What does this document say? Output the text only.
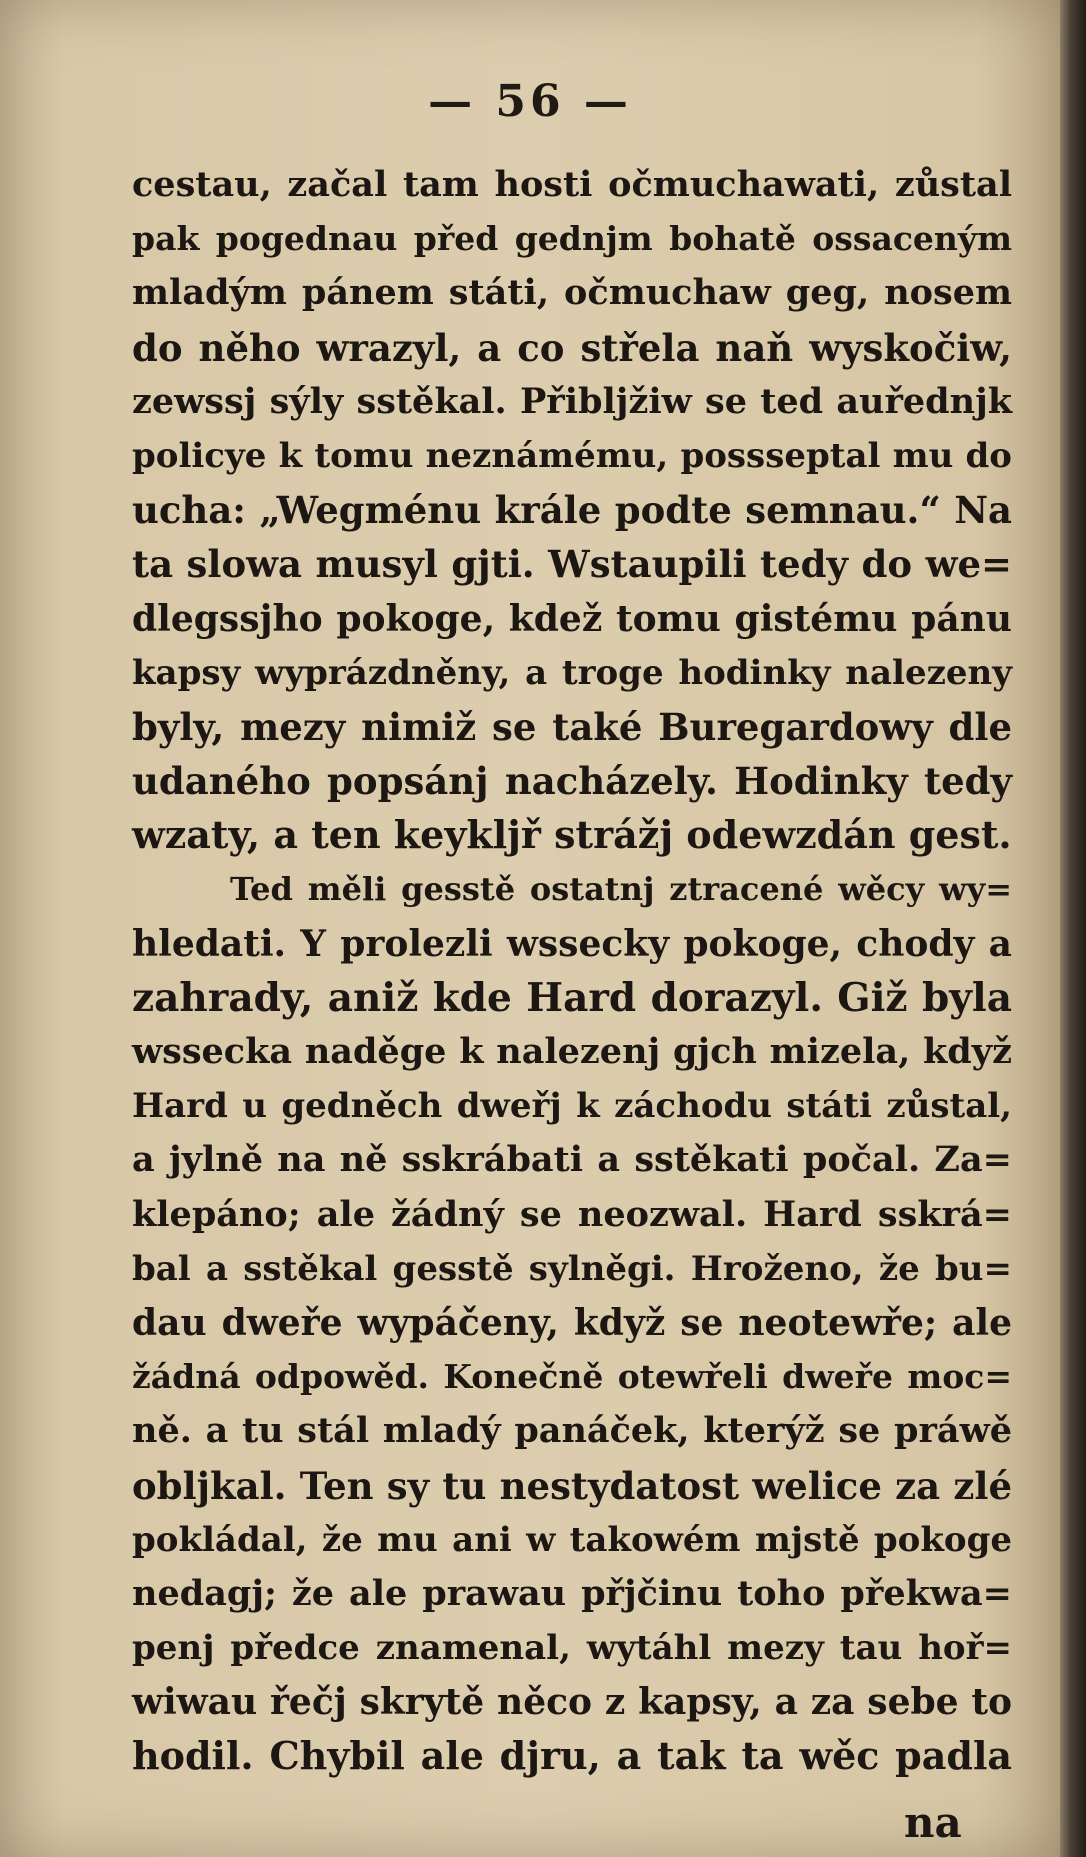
— 56 —
cestau, začal tam hosti očmuchawati, zůstal
pak pogednau před gednjm bohatě ossaceným
mladým pánem státi, očmuchaw geg, nosem
do něho wrazyl, a co střela naň wyskočiw,
zewssj sýly sstěkal. Přibljžiw se ted auřednjk
policye k tomu neznámému, possseptal mu do
ucha: „Wegménu krále podte semnau.“ Na
ta slowa musyl gjti. Wstaupili tedy do we=
dlegssjho pokoge, kdež tomu gistému pánu
kapsy wyprázdněny, a troge hodinky nalezeny
byly, mezy nimiž se také Buregardowy dle
udaného popsánj nacházely. Hodinky tedy
wzaty, a ten keyklјř strážj odewzdán gest.
Ted měli gesstě ostatnj ztracené wěcy wy=
hledati. Y prolezli wssecky pokoge, chody a
zahrady, aniž kde Hard dorazyl. Giž byla
wssecka naděge k nalezenj gjch mizela, když
Hard u gedněch dweřj k záchodu státi zůstal,
a jylně na ně sskrábati a sstěkati počal. Za=
klepáno; ale žádný se neozwal. Hard sskrá=
bal a sstěkal gesstě sylněgi. Hroženo, že bu=
dau dweře wypáčeny, když se neotewře; ale
žádná odpowěd. Konečně otewřeli dweře moc=
ně. a tu stál mladý panáček, kterýž se práwě
obljkal. Ten sy tu nestydatost welice za zlé
pokládal, že mu ani w takowém mjstě pokoge
nedagj; že ale prawau přjčinu toho překwa=
penj předce znamenal, wytáhl mezy tau hoř=
wiwau řečj skrytě něco z kapsy, a za sebe to
hodil. Chybil ale djru, a tak ta wěc padla
na
